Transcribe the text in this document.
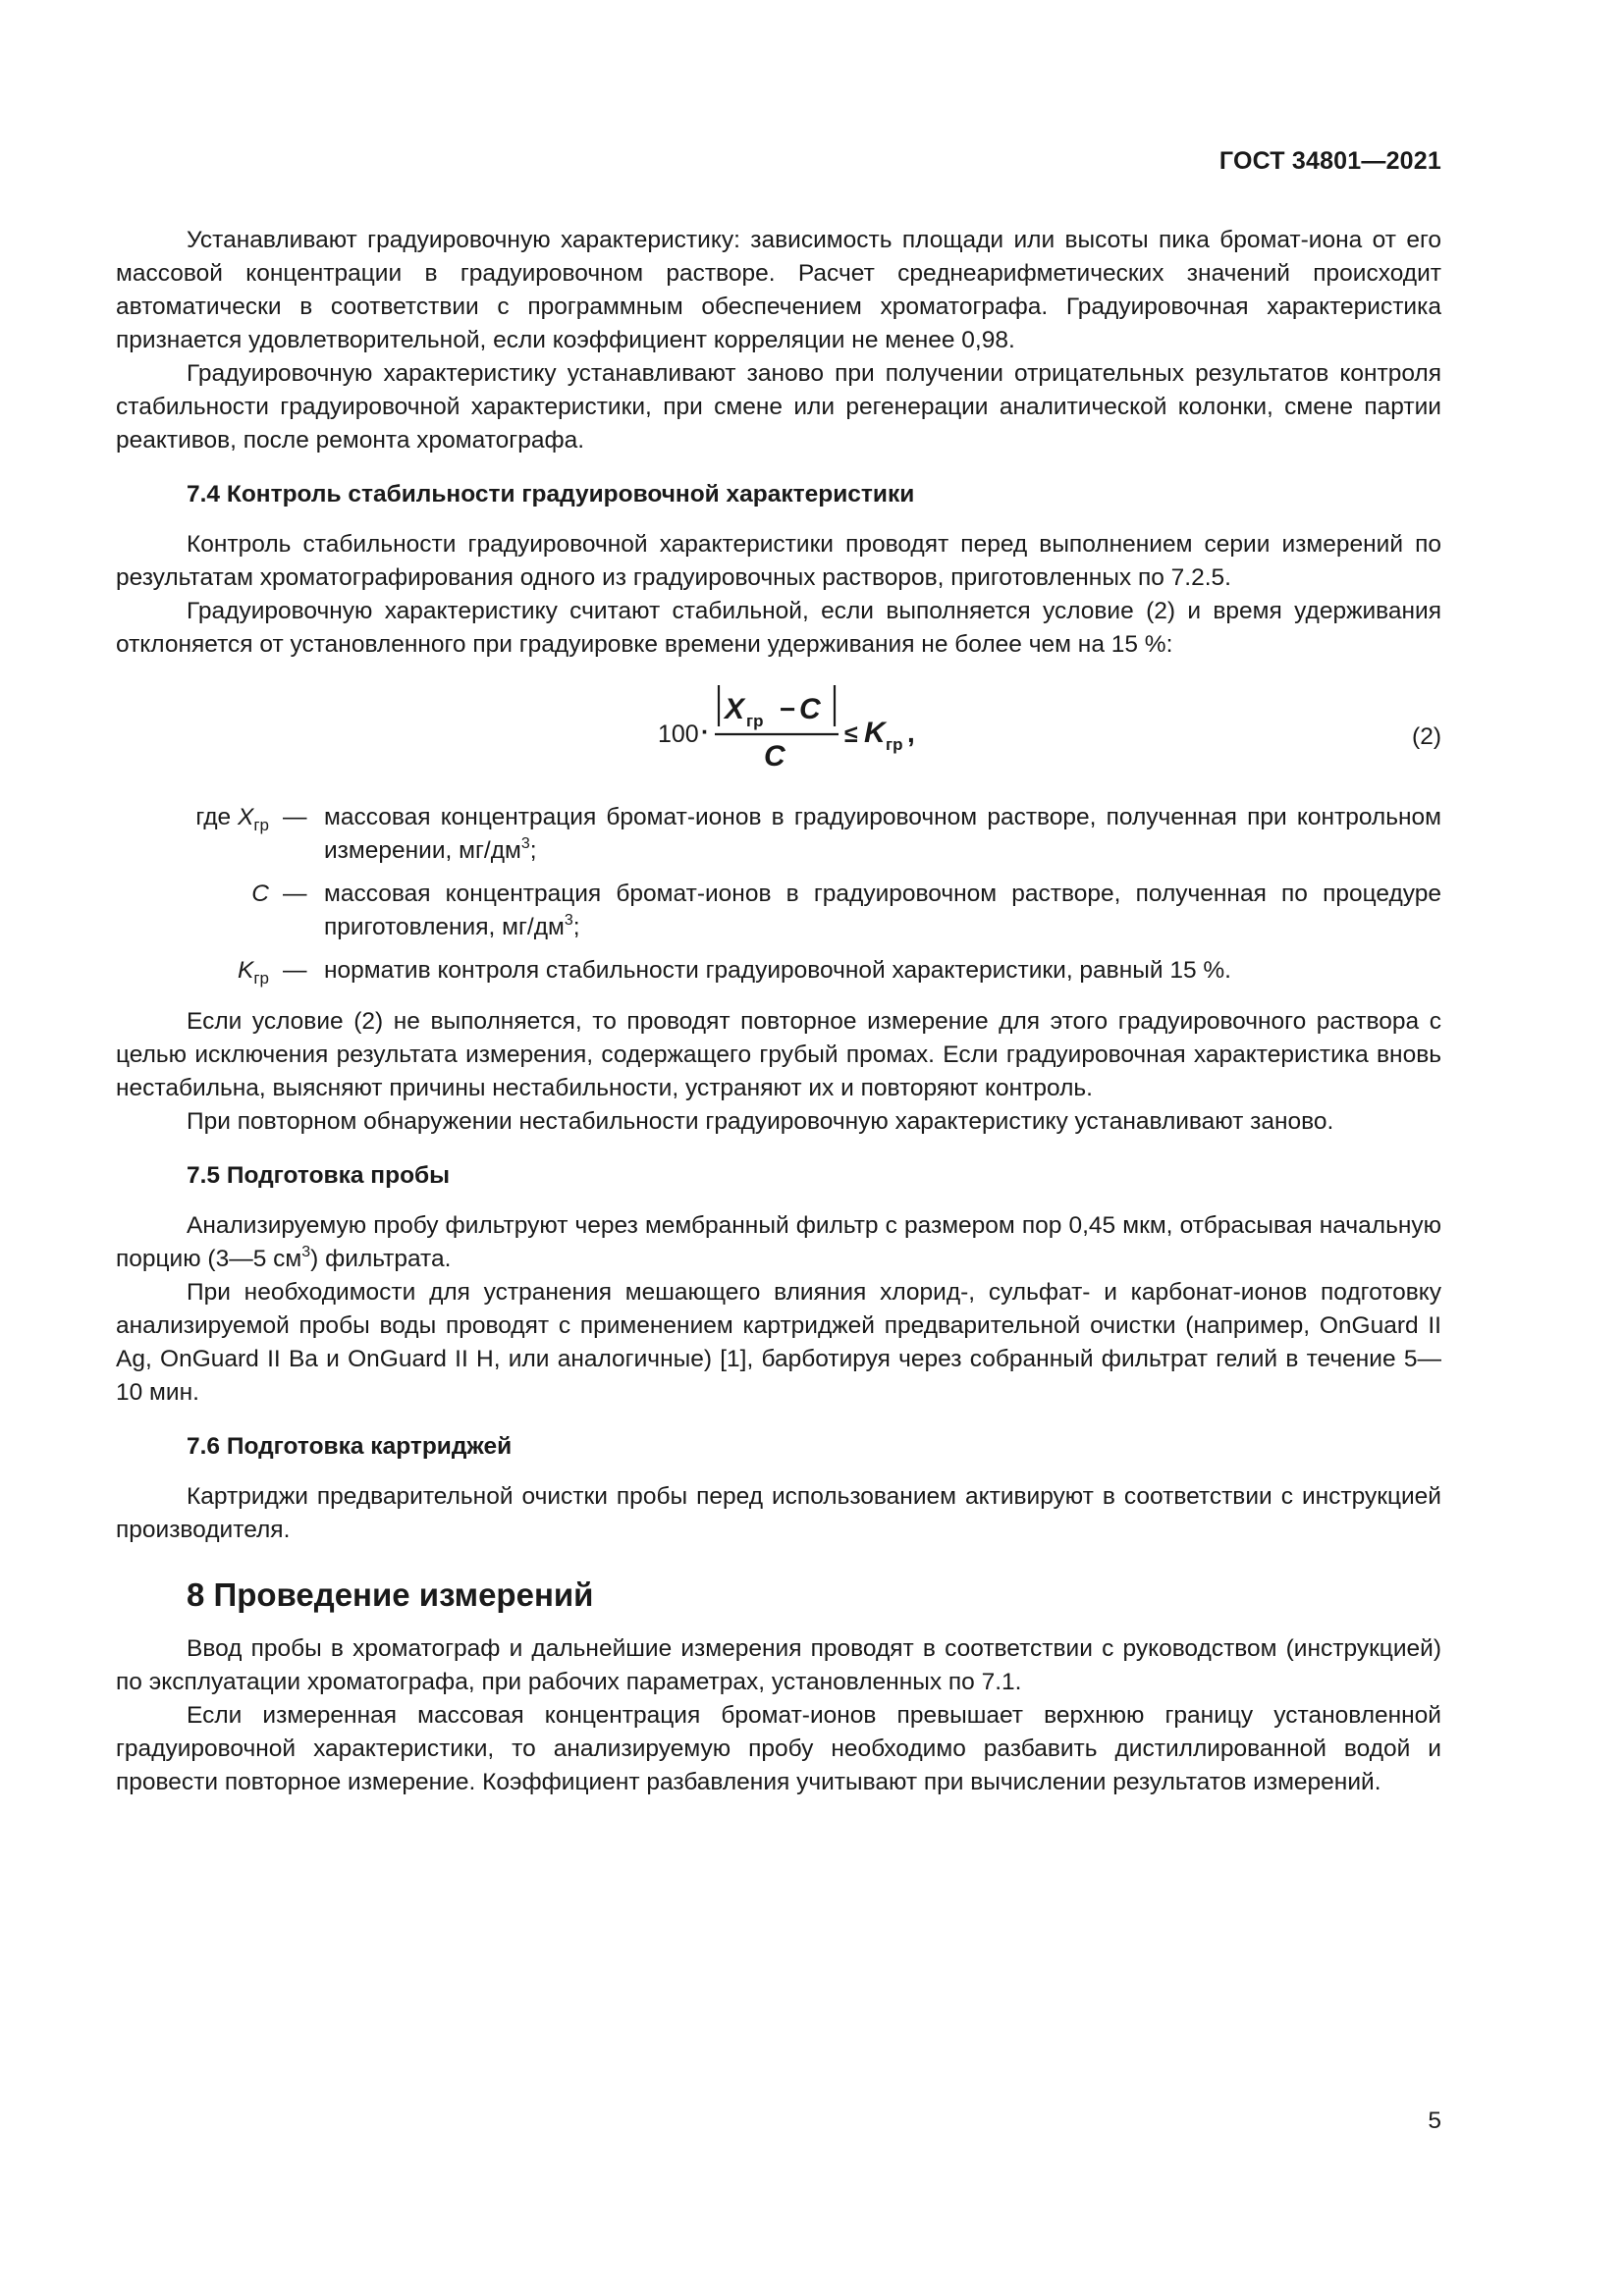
ГОСТ 34801—2021

Устанавливают градуировочную характеристику: зависимость площади или высоты пика бромат-иона от его массовой концентрации в градуировочном растворе. Расчет среднеарифметических значений происходит автоматически в соответствии с программным обеспечением хроматографа. Градуировочная характеристика признается удовлетворительной, если коэффициент корреляции не менее 0,98.

Градуировочную характеристику устанавливают заново при получении отрицательных результатов контроля стабильности градуировочной характеристики, при смене или регенерации аналитической колонки, смене партии реактивов, после ремонта хроматографа.

7.4 Контроль стабильности градуировочной характеристики

Контроль стабильности градуировочной характеристики проводят перед выполнением серии измерений по результатам хроматографирования одного из градуировочных растворов, приготовленных по 7.2.5.

Градуировочную характеристику считают стабильной, если выполняется условие (2) и время удерживания отклоняется от установленного при градуировке времени удерживания не более чем на 15 %:

100 ·
X гр − C
C
≤ K гр ,	(2)
где $X_{гр}$ — массовая концентрация бромат-ионов в градуировочном растворе, полученная при контрольном измерении, $мг/дм^3$;
C — массовая концентрация бромат-ионов в градуировочном растворе, полученная по процедуре приготовления, $мг/дм^3$;
$K_{гр}$ — норматив контроля стабильности градуировочной характеристики, равный 15 %.

Если условие (2) не выполняется, то проводят повторное измерение для этого градуировочного раствора с целью исключения результата измерения, содержащего грубый промах. Если градуировочная характеристика вновь нестабильна, выясняют причины нестабильности, устраняют их и повторяют контроль.

При повторном обнаружении нестабильности градуировочную характеристику устанавливают заново.

7.5 Подготовка пробы

Анализируемую пробу фильтруют через мембранный фильтр с размером пор 0,45 мкм, отбрасывая начальную порцию (3—5 $см^3$) фильтрата.

При необходимости для устранения мешающего влияния хлорид-, сульфат- и карбонат-ионов подготовку анализируемой пробы воды проводят с применением картриджей предварительной очистки (например, OnGuard II Ag, OnGuard II Ba и OnGuard II H, или аналогичные) [1], барботируя через собранный фильтрат гелий в течение 5—10 мин.

7.6 Подготовка картриджей

Картриджи предварительной очистки пробы перед использованием активируют в соответствии с инструкцией производителя.

8 Проведение измерений

Ввод пробы в хроматограф и дальнейшие измерения проводят в соответствии с руководством (инструкцией) по эксплуатации хроматографа, при рабочих параметрах, установленных по 7.1.

Если измеренная массовая концентрация бромат-ионов превышает верхнюю границу установленной градуировочной характеристики, то анализируемую пробу необходимо разбавить дистиллированной водой и провести повторное измерение. Коэффициент разбавления учитывают при вычислении результатов измерений.

5
